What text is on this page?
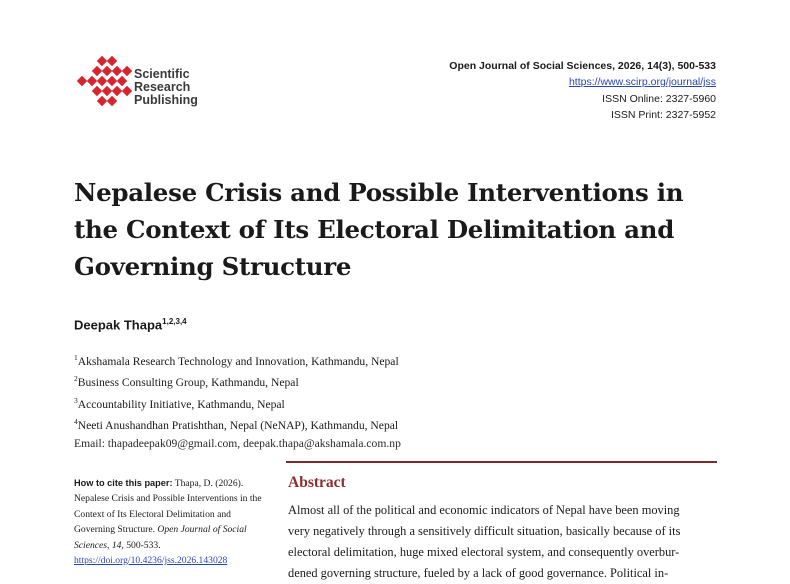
Scientific
Research
Publishing
Open Journal of Social Sciences, 2026, 14(3), 500-533
https://www.scirp.org/journal/jss
ISSN Online: 2327-5960
ISSN Print: 2327-5952
Nepalese Crisis and Possible Interventions in the Context of Its Electoral Delimitation and Governing Structure
Deepak Thapa$^{1,2,3,4}$
$^1$Akshamala Research Technology and Innovation, Kathmandu, Nepal
$^2$Business Consulting Group, Kathmandu, Nepal
$^3$Accountability Initiative, Kathmandu, Nepal
$^4$Neeti Anushandhan Pratishthan, Nepal (NeNAP), Kathmandu, Nepal
Email: thapadeepak09@gmail.com, deepak.thapa@akshamala.com.np
How to cite this paper: Thapa, D. (2026). Nepalese Crisis and Possible Interventions in the Context of Its Electoral Delimitation and Governing Structure. Open Journal of Social Sciences, 14, 500-533.
https://doi.org/10.4236/jss.2026.143028
Abstract
Almost all of the political and economic indicators of Nepal have been moving
very negatively through a sensitively difficult situation, basically because of its
electoral delimitation, huge mixed electoral system, and consequently overbur-
dened governing structure, fueled by a lack of good governance. Political in-
